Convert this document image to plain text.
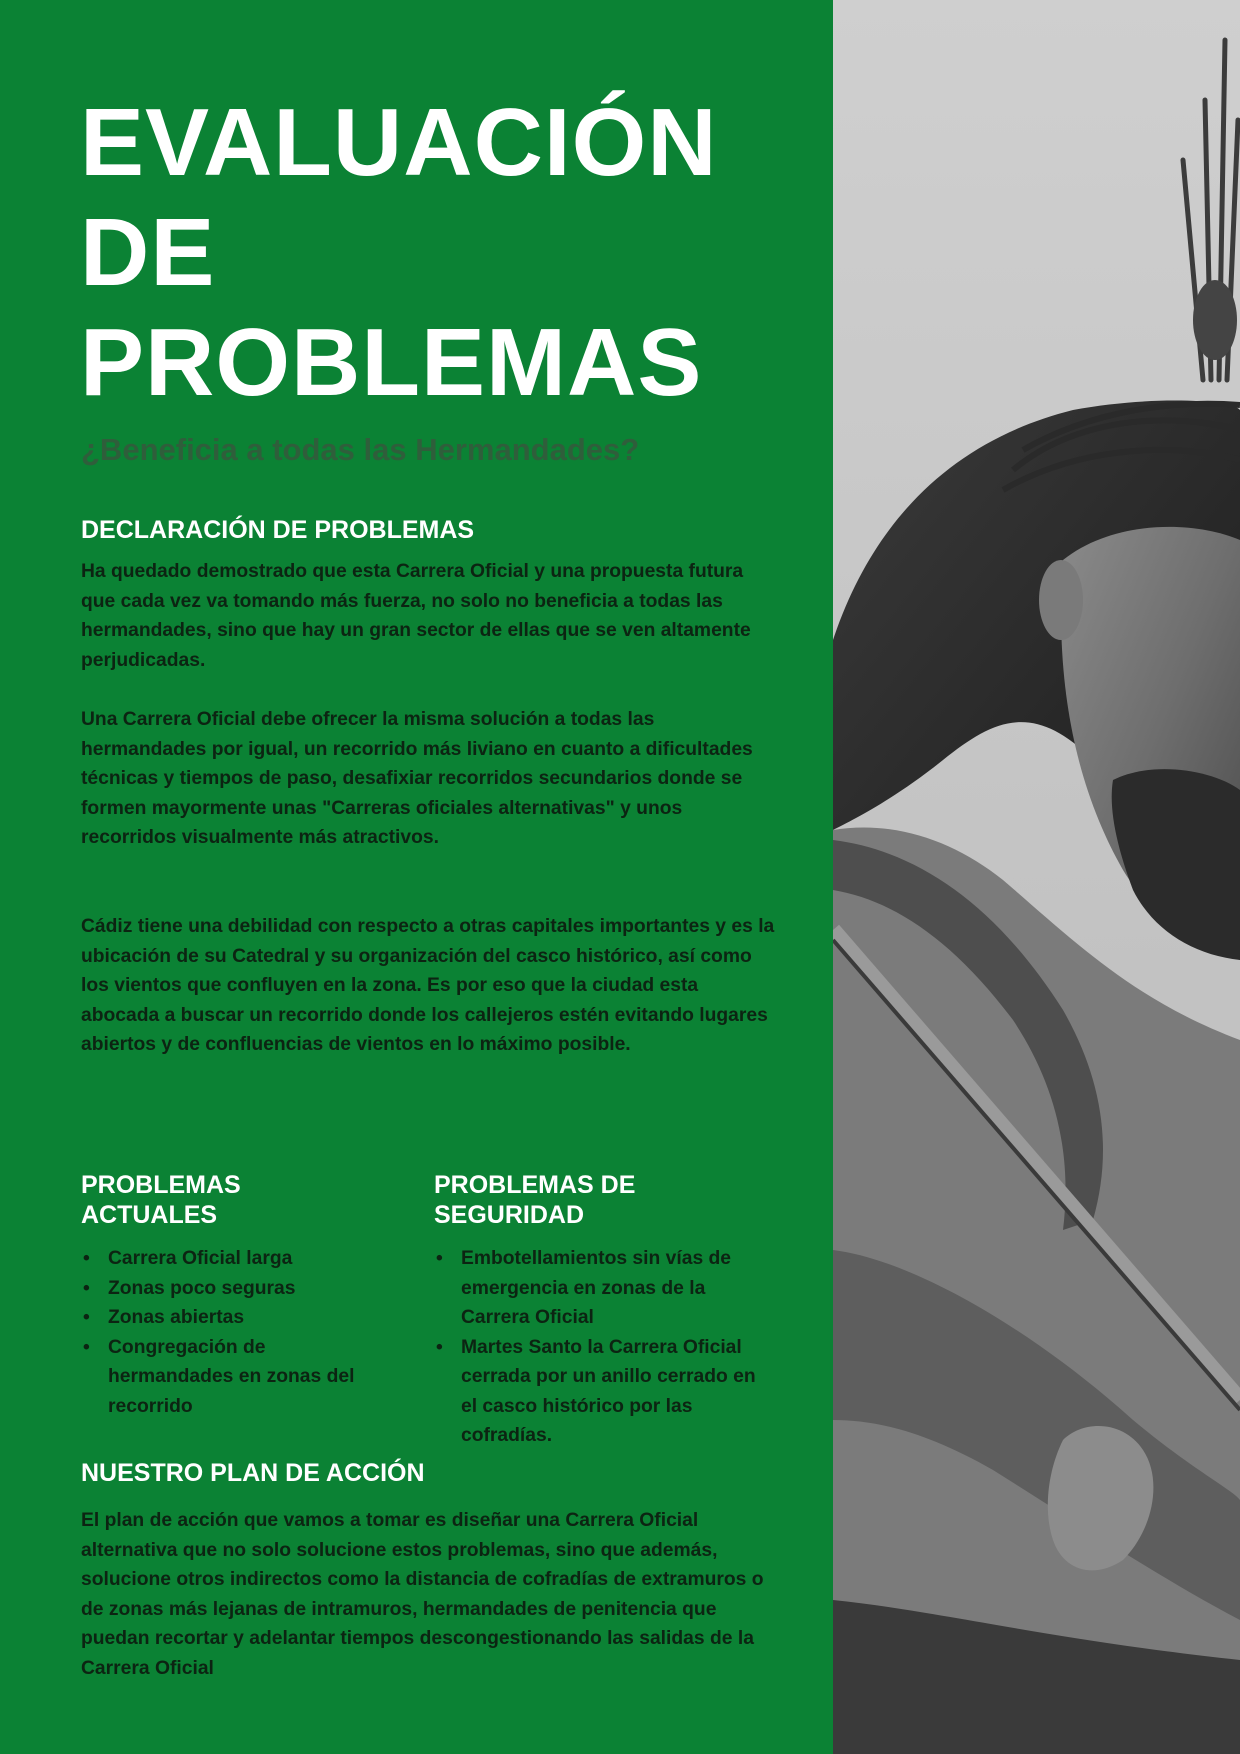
EVALUACIÓN
DE
PROBLEMAS

¿Beneficia a todas las Hermandades?

DECLARACIÓN DE PROBLEMAS

Ha quedado demostrado que esta Carrera Oficial y una propuesta futura que cada vez va tomando más fuerza, no solo no beneficia a todas las hermandades, sino que hay un gran sector de ellas que se ven altamente perjudicadas.

Una Carrera Oficial debe ofrecer la misma solución a todas las hermandades por igual, un recorrido más liviano en cuanto a dificultades técnicas y tiempos de paso, desafixiar recorridos secundarios donde se formen mayormente unas "Carreras oficiales alternativas" y unos recorridos visualmente más atractivos.

Cádiz tiene una debilidad con respecto a otras capitales importantes y es la ubicación de su Catedral y su organización del casco histórico, así como los vientos que confluyen en la zona. Es por eso que la ciudad esta abocada a buscar un recorrido donde los callejeros estén evitando lugares abiertos y de confluencias de vientos en lo máximo posible.

PROBLEMAS
ACTUALES
• Carrera Oficial larga
• Zonas poco seguras
• Zonas abiertas
• Congregación de hermandades en zonas del recorrido
PROBLEMAS DE
SEGURIDAD
• Embotellamientos sin vías de emergencia en zonas de la Carrera Oficial
• Martes Santo la Carrera Oficial cerrada por un anillo cerrado en el casco histórico por las cofradías.
NUESTRO PLAN DE ACCIÓN

El plan de acción que vamos a tomar es diseñar una Carrera Oficial alternativa que no solo solucione estos problemas, sino que además, solucione otros indirectos como la distancia de cofradías de extramuros o de zonas más lejanas de intramuros, hermandades de penitencia que puedan recortar y adelantar tiempos descongestionando las salidas de la Carrera Oficial
